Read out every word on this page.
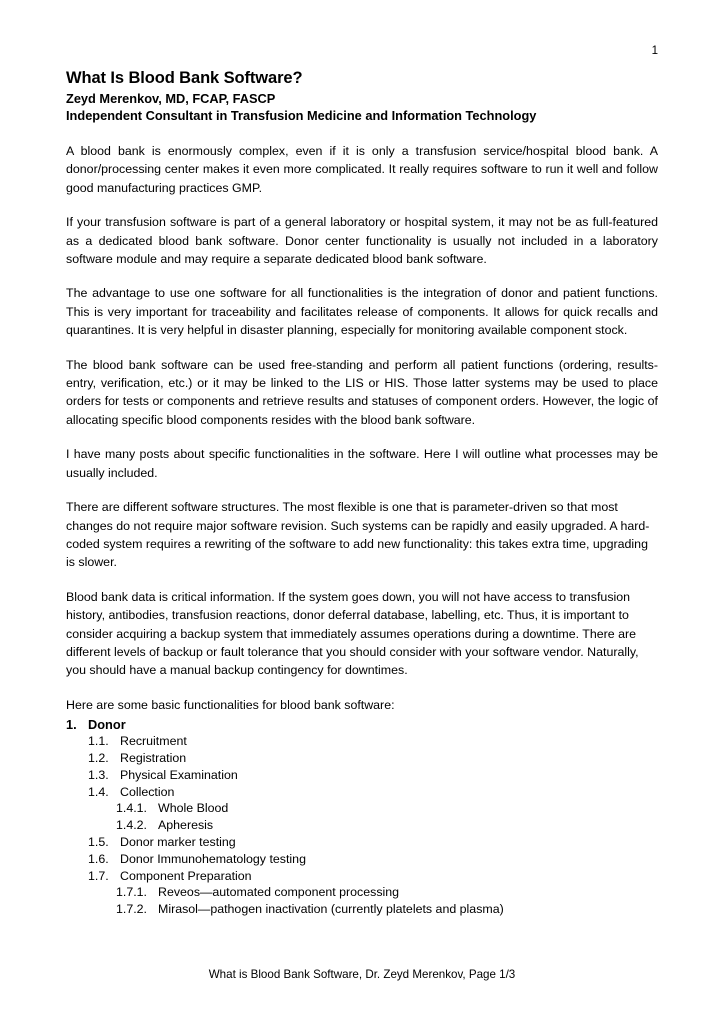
1
What Is Blood Bank Software?
Zeyd Merenkov, MD, FCAP, FASCP
Independent Consultant in Transfusion Medicine and Information Technology

A blood bank is enormously complex, even if it is only a transfusion service/hospital blood bank. A donor/processing center makes it even more complicated. It really requires software to run it well and follow good manufacturing practices GMP.

If your transfusion software is part of a general laboratory or hospital system, it may not be as full-featured as a dedicated blood bank software. Donor center functionality is usually not included in a laboratory software module and may require a separate dedicated blood bank software.

The advantage to use one software for all functionalities is the integration of donor and patient functions. This is very important for traceability and facilitates release of components. It allows for quick recalls and quarantines. It is very helpful in disaster planning, especially for monitoring available component stock.

The blood bank software can be used free-standing and perform all patient functions (ordering, results-entry, verification, etc.) or it may be linked to the LIS or HIS. Those latter systems may be used to place orders for tests or components and retrieve results and statuses of component orders. However, the logic of allocating specific blood components resides with the blood bank software.

I have many posts about specific functionalities in the software. Here I will outline what processes may be usually included.

There are different software structures. The most flexible is one that is parameter-driven so that most changes do not require major software revision. Such systems can be rapidly and easily upgraded. A hard-coded system requires a rewriting of the software to add new functionality: this takes extra time, upgrading is slower.

Blood bank data is critical information. If the system goes down, you will not have access to transfusion history, antibodies, transfusion reactions, donor deferral database, labelling, etc. Thus, it is important to consider acquiring a backup system that immediately assumes operations during a downtime. There are different levels of backup or fault tolerance that you should consider with your software vendor. Naturally, you should have a manual backup contingency for downtimes.

Here are some basic functionalities for blood bank software:
1. Donor
1.1. Recruitment
1.2. Registration
1.3. Physical Examination
1.4. Collection
1.4.1. Whole Blood
1.4.2. Apheresis
1.5. Donor marker testing
1.6. Donor Immunohematology testing
1.7. Component Preparation
1.7.1. Reveos—automated component processing
1.7.2. Mirasol—pathogen inactivation (currently platelets and plasma)
What is Blood Bank Software, Dr. Zeyd Merenkov, Page 1/3
